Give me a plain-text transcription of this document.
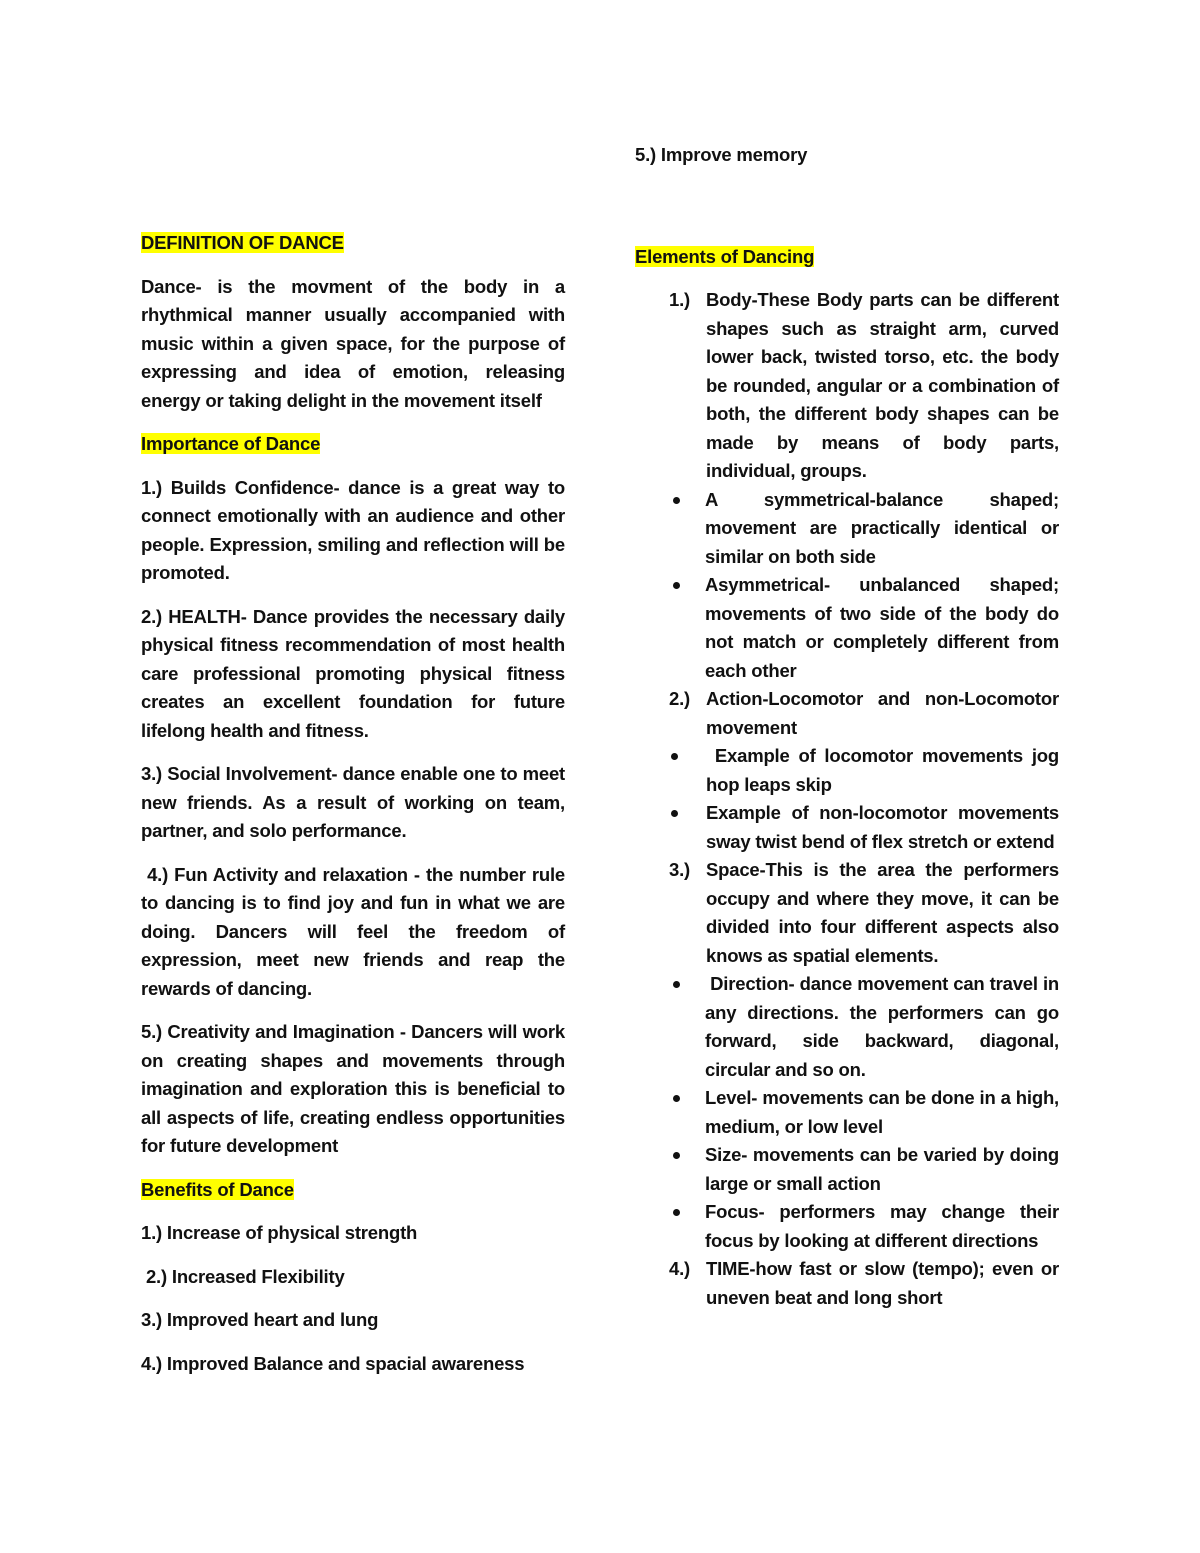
DEFINITION OF DANCE

Dance- is the movment of the body in a rhythmical manner usually accompanied with music within a given space, for the purpose of expressing and idea of emotion, releasing energy or taking delight in the movement itself

Importance of Dance

1.) Builds Confidence- dance is a great way to connect emotionally with an audience and other people. Expression, smiling and reflection will be promoted.

2.) HEALTH- Dance provides the necessary daily physical fitness recommendation of most health care professional promoting physical fitness creates an excellent foundation for future lifelong health and fitness.

3.) Social Involvement- dance enable one to meet new friends. As a result of working on team, partner, and solo performance.

4.) Fun Activity and relaxation - the number rule to dancing is to find joy and fun in what we are doing. Dancers will feel the freedom of expression, meet new friends and reap the rewards of dancing.

5.) Creativity and Imagination - Dancers will work on creating shapes and movements through imagination and exploration this is beneficial to all aspects of life, creating endless opportunities for future development

Benefits of Dance

1.) Increase of physical strength

2.) Increased Flexibility

3.) Improved heart and lung

4.) Improved Balance and spacial awareness

5.) Improve memory

Elements of Dancing
1.) Body-These Body parts can be different shapes such as straight arm, curved lower back, twisted torso, etc. the body be rounded, angular or a combination of both, the different body shapes can be made by means of body parts, individual, groups.
A symmetrical-balance shaped; movement are practically identical or similar on both side
Asymmetrical- unbalanced shaped; movements of two side of the body do not match or completely different from each other
2.) Action-Locomotor and non-Locomotor movement
Example of locomotor movements jog hop leaps skip
Example of non-locomotor movements sway twist bend of flex stretch or extend
3.) Space-This is the area the performers occupy and where they move, it can be divided into four different aspects also knows as spatial elements.
Direction- dance movement can travel in any directions. the performers can go forward, side backward, diagonal, circular and so on.
Level- movements can be done in a high, medium, or low level
Size- movements can be varied by doing large or small action
Focus- performers may change their focus by looking at different directions
4.) TIME-how fast or slow (tempo); even or uneven beat and long short
